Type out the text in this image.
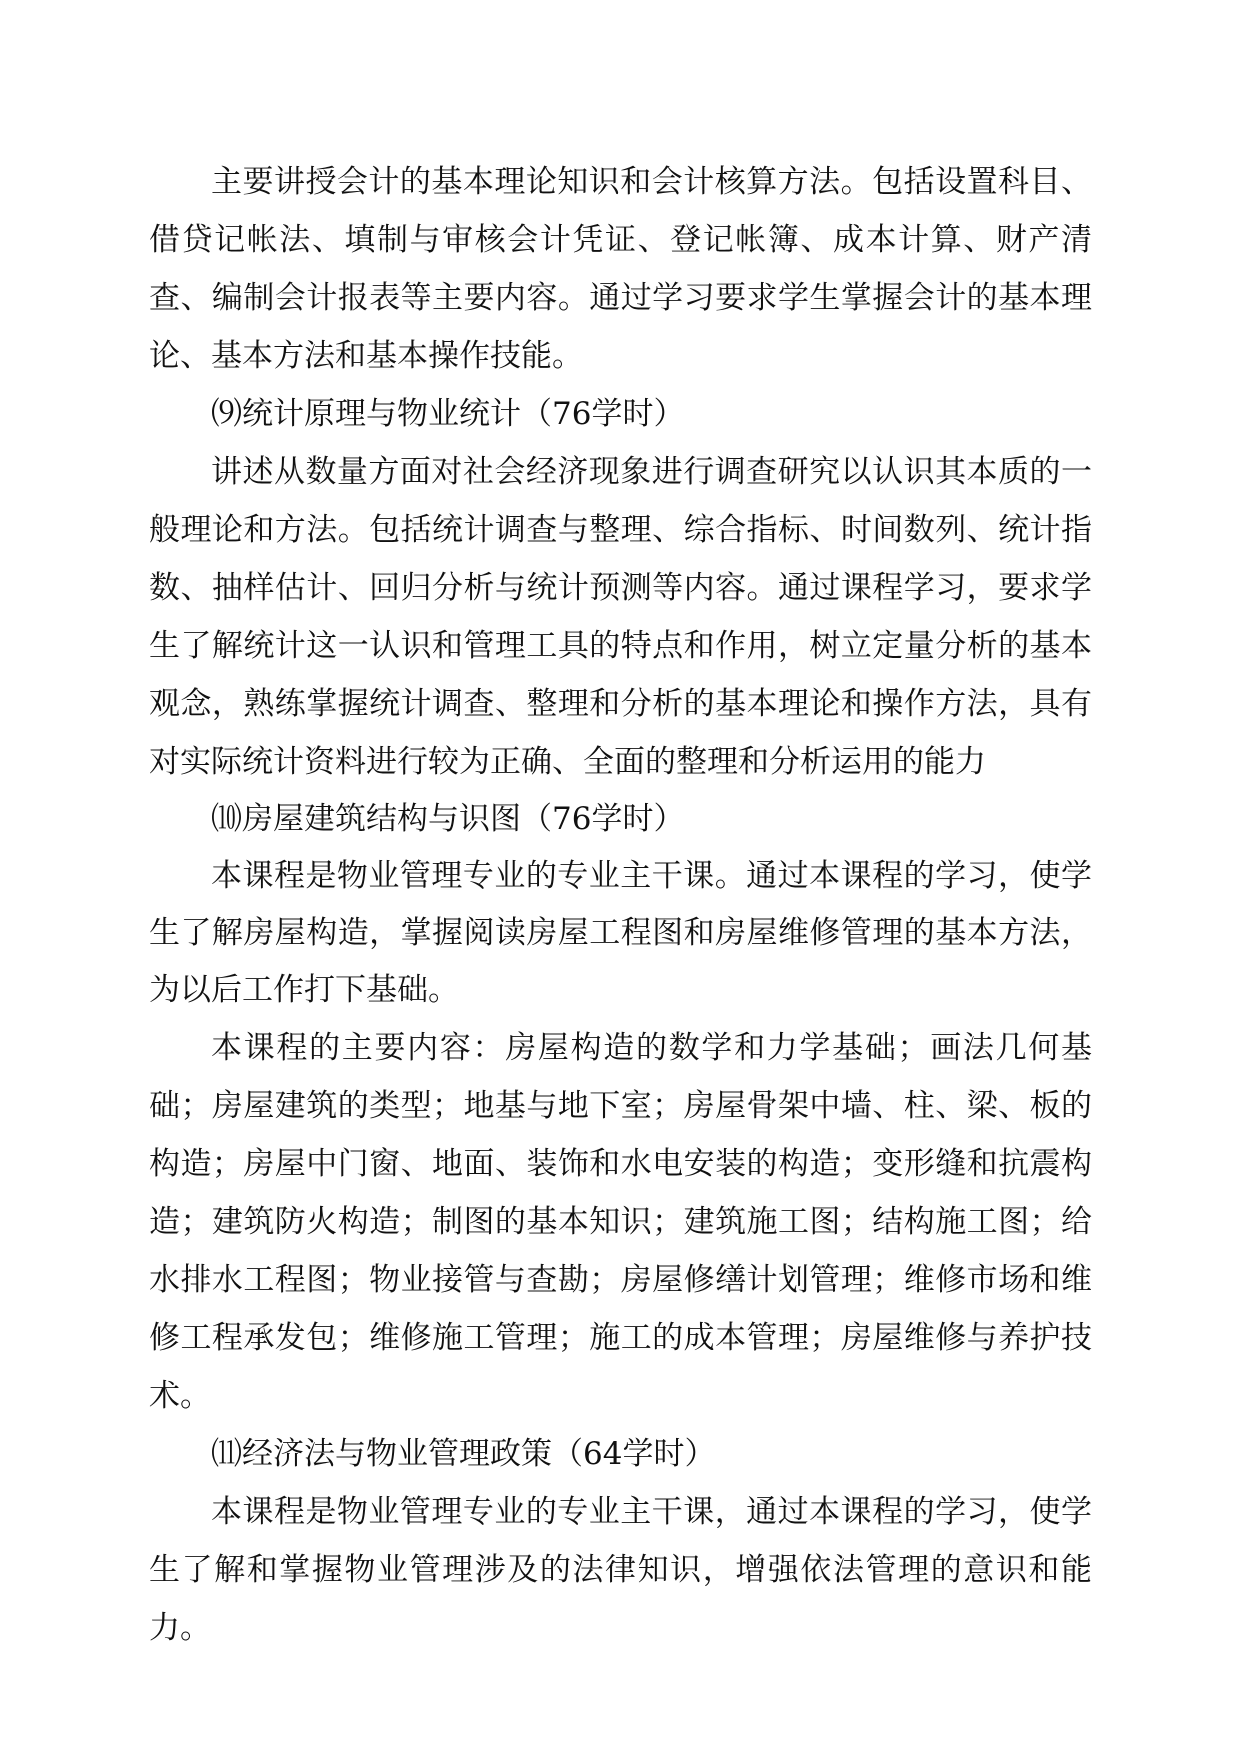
主要讲授会计的基本理论知识和会计核算方法。包括设置科目、借贷记帐法、填制与审核会计凭证、登记帐簿、成本计算、财产清查、编制会计报表等主要内容。通过学习要求学生掌握会计的基本理论、基本方法和基本操作技能。

⑼统计原理与物业统计（76学时）

讲述从数量方面对社会经济现象进行调查研究以认识其本质的一般理论和方法。包括统计调查与整理、综合指标、时间数列、统计指数、抽样估计、回归分析与统计预测等内容。通过课程学习，要求学生了解统计这一认识和管理工具的特点和作用，树立定量分析的基本观念，熟练掌握统计调查、整理和分析的基本理论和操作方法，具有对实际统计资料进行较为正确、全面的整理和分析运用的能力

⑽房屋建筑结构与识图（76学时）

本课程是物业管理专业的专业主干课。通过本课程的学习，使学生了解房屋构造，掌握阅读房屋工程图和房屋维修管理的基本方法，为以后工作打下基础。

本课程的主要内容：房屋构造的数学和力学基础；画法几何基础；房屋建筑的类型；地基与地下室；房屋骨架中墙、柱、梁、板的构造；房屋中门窗、地面、装饰和水电安装的构造；变形缝和抗震构造；建筑防火构造；制图的基本知识；建筑施工图；结构施工图；给水排水工程图；物业接管与查勘；房屋修缮计划管理；维修市场和维修工程承发包；维修施工管理；施工的成本管理；房屋维修与养护技术。

⑾经济法与物业管理政策（64学时）

本课程是物业管理专业的专业主干课，通过本课程的学习，使学生了解和掌握物业管理涉及的法律知识，增强依法管理的意识和能力。
